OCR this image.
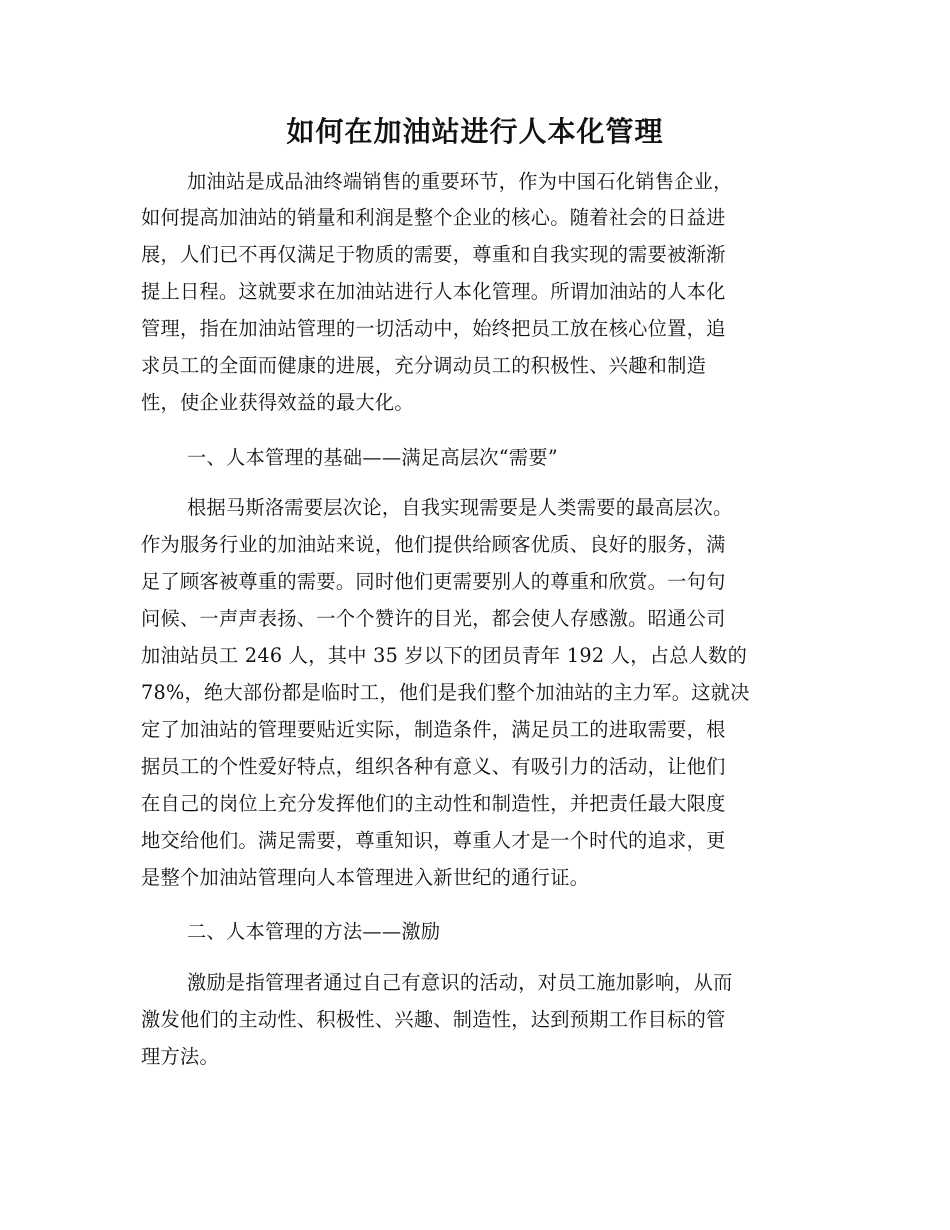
如何在加油站进行人本化管理
加油站是成品油终端销售的重要环节，作为中国石化销售企业，
如何提高加油站的销量和利润是整个企业的核心。随着社会的日益进
展，人们已不再仅满足于物质的需要，尊重和自我实现的需要被渐渐
提上日程。这就要求在加油站进行人本化管理。所谓加油站的人本化
管理，指在加油站管理的一切活动中，始终把员工放在核心位置，追
求员工的全面而健康的进展，充分调动员工的积极性、兴趣和制造
性，使企业获得效益的最大化。
一、人本管理的基础——满足高层次“需要”
根据马斯洛需要层次论，自我实现需要是人类需要的最高层次。
作为服务行业的加油站来说，他们提供给顾客优质、良好的服务，满
足了顾客被尊重的需要。同时他们更需要别人的尊重和欣赏。一句句
问候、一声声表扬、一个个赞许的目光，都会使人存感激。昭通公司
加油站员工 246 人，其中 35 岁以下的团员青年 192 人，占总人数的
78%，绝大部份都是临时工，他们是我们整个加油站的主力军。这就决
定了加油站的管理要贴近实际，制造条件，满足员工的进取需要，根
据员工的个性爱好特点，组织各种有意义、有吸引力的活动，让他们
在自己的岗位上充分发挥他们的主动性和制造性，并把责任最大限度
地交给他们。满足需要，尊重知识，尊重人才是一个时代的追求，更
是整个加油站管理向人本管理进入新世纪的通行证。
二、人本管理的方法——激励
激励是指管理者通过自己有意识的活动，对员工施加影响，从而
激发他们的主动性、积极性、兴趣、制造性，达到预期工作目标的管
理方法。
